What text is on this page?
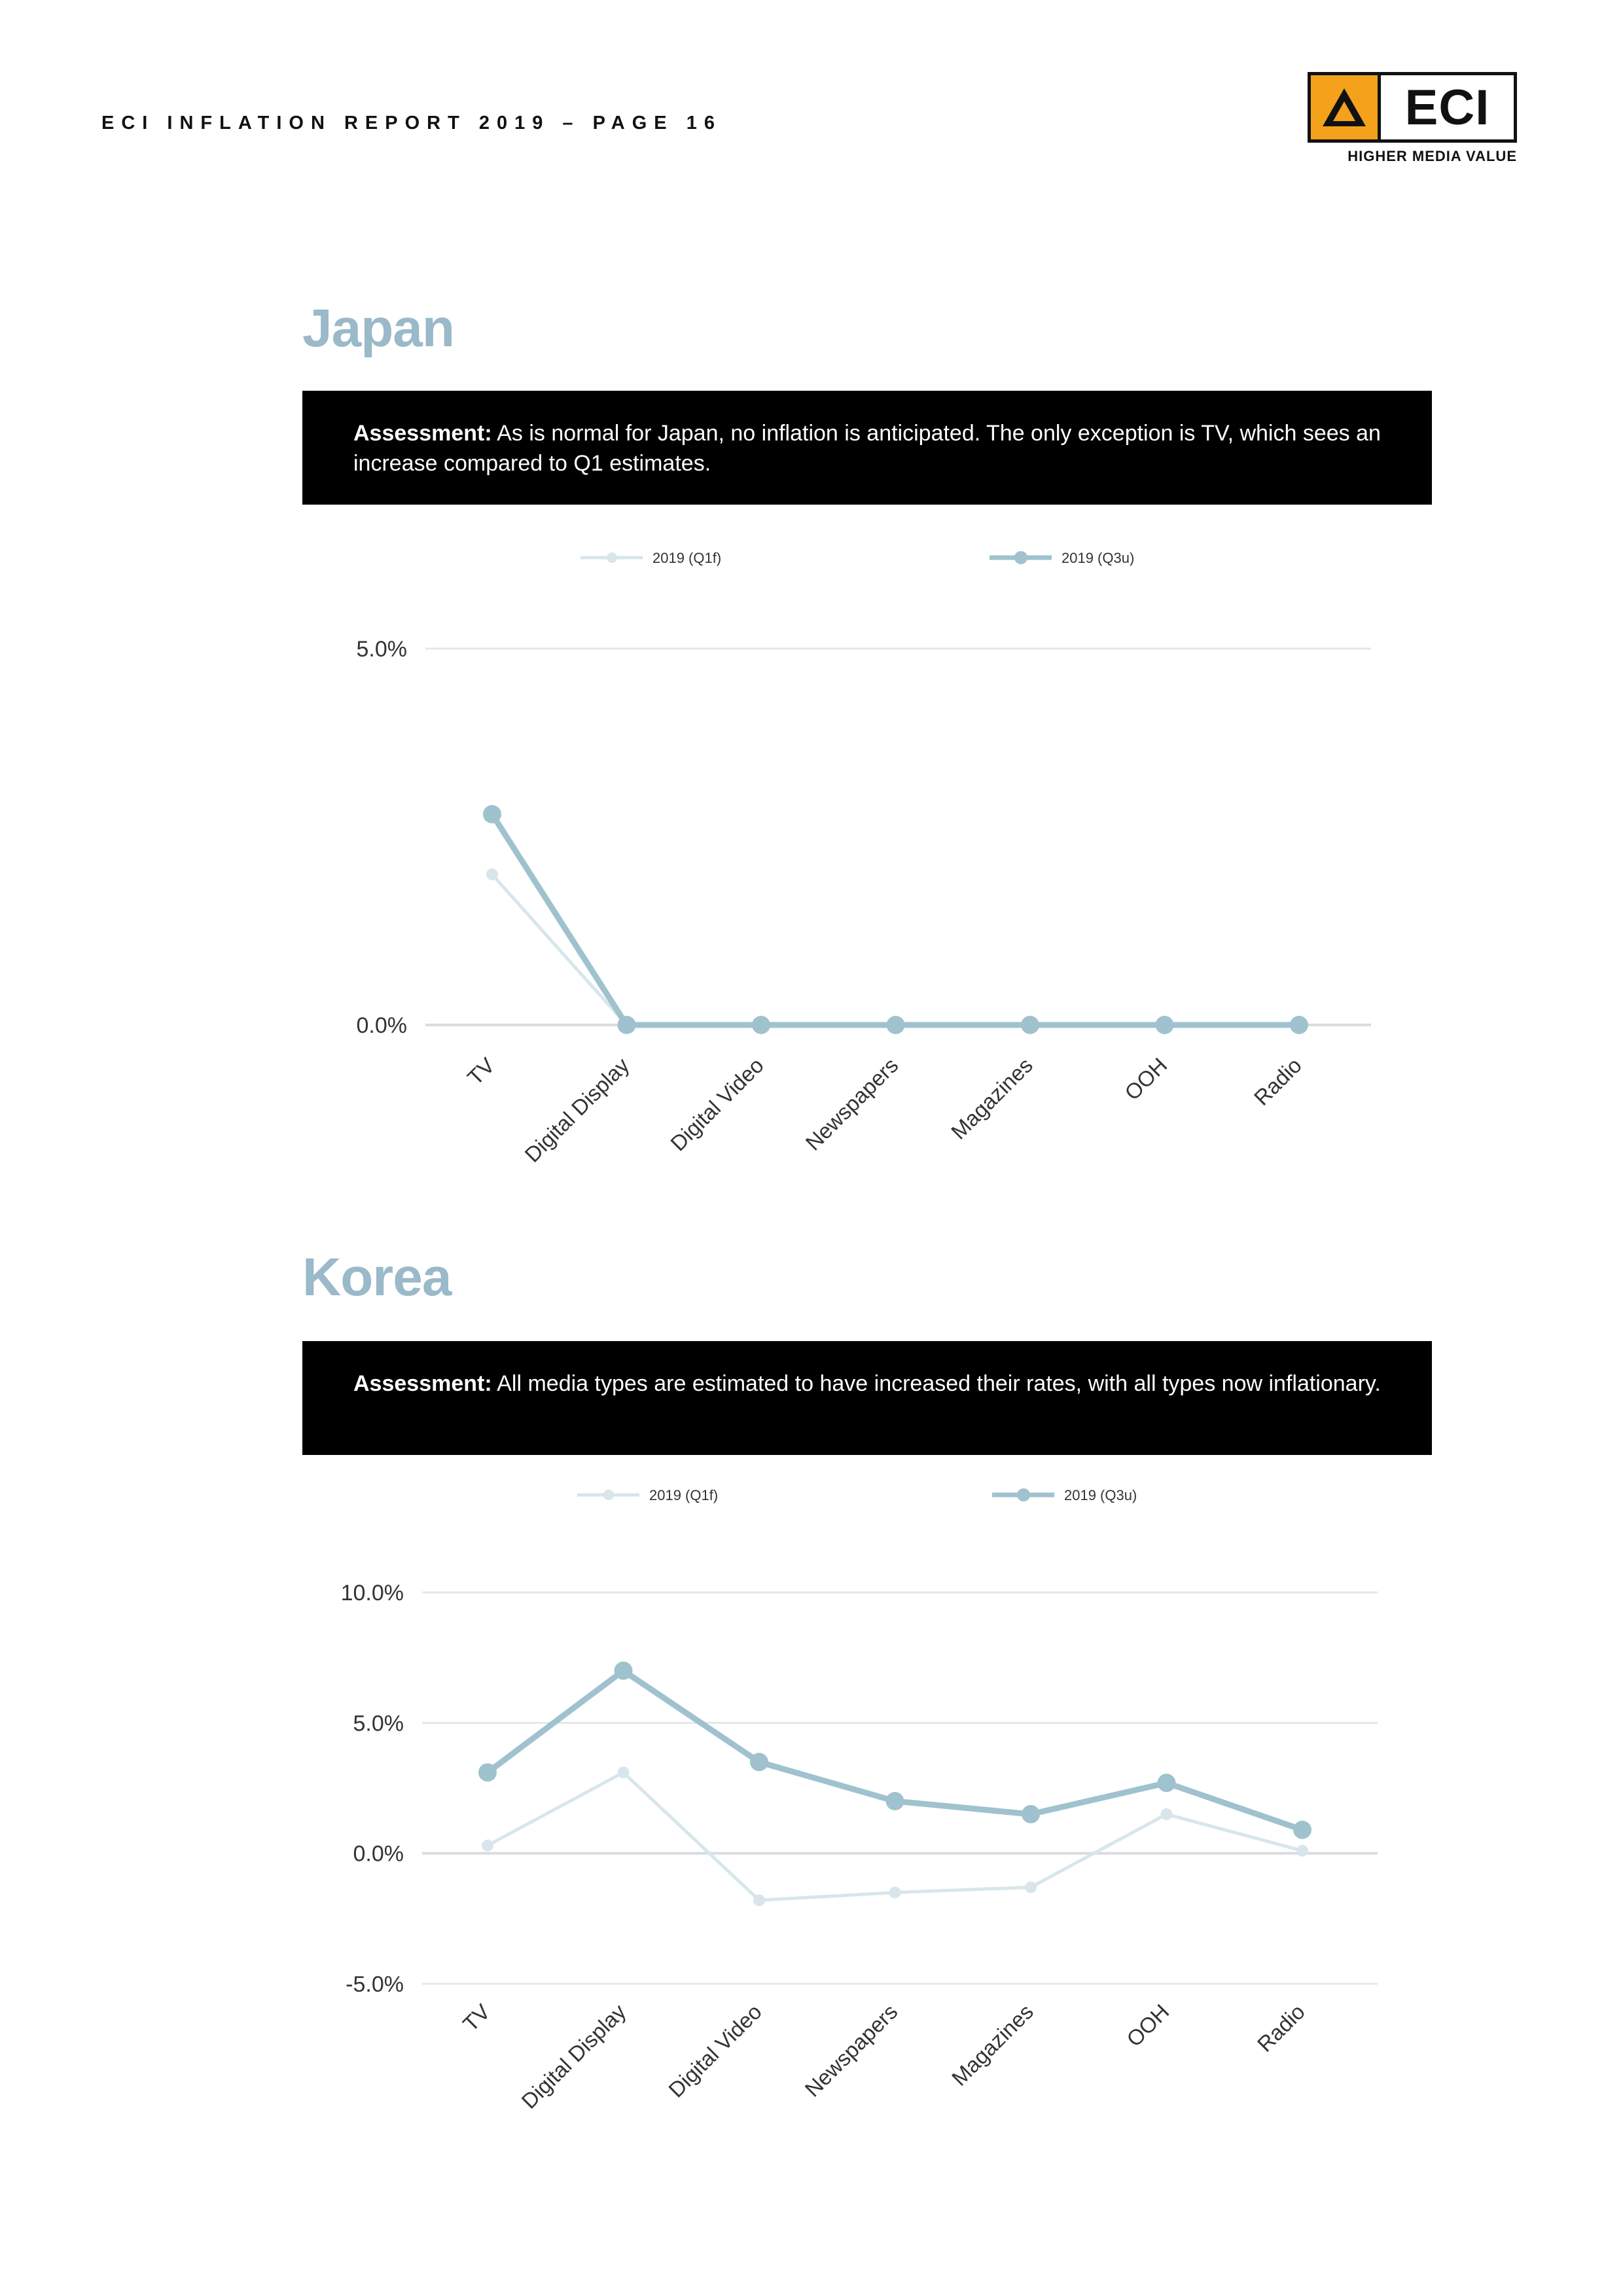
ECI INFLATION REPORT 2019 – PAGE 16	ECI
HIGHER MEDIA VALUE
Japan
Assessment: As is normal for Japan, no inflation is anticipated. The only exception is TV, which sees an increase compared to Q1 estimates.
2019 (Q1f)	2019 (Q3u)
0.0%
5.0%
TV Digital Display Digital Video Newspapers Magazines	OOH	Radio
Korea
Assessment: All media types are estimated to have increased their rates, with all types now inflationary.
2019 (Q1f)	2019 (Q3u)
-5.0%
0.0%
5.0%
10.0%
TV Digital Display Digital Video Newspapers Magazines	OOH	Radio
